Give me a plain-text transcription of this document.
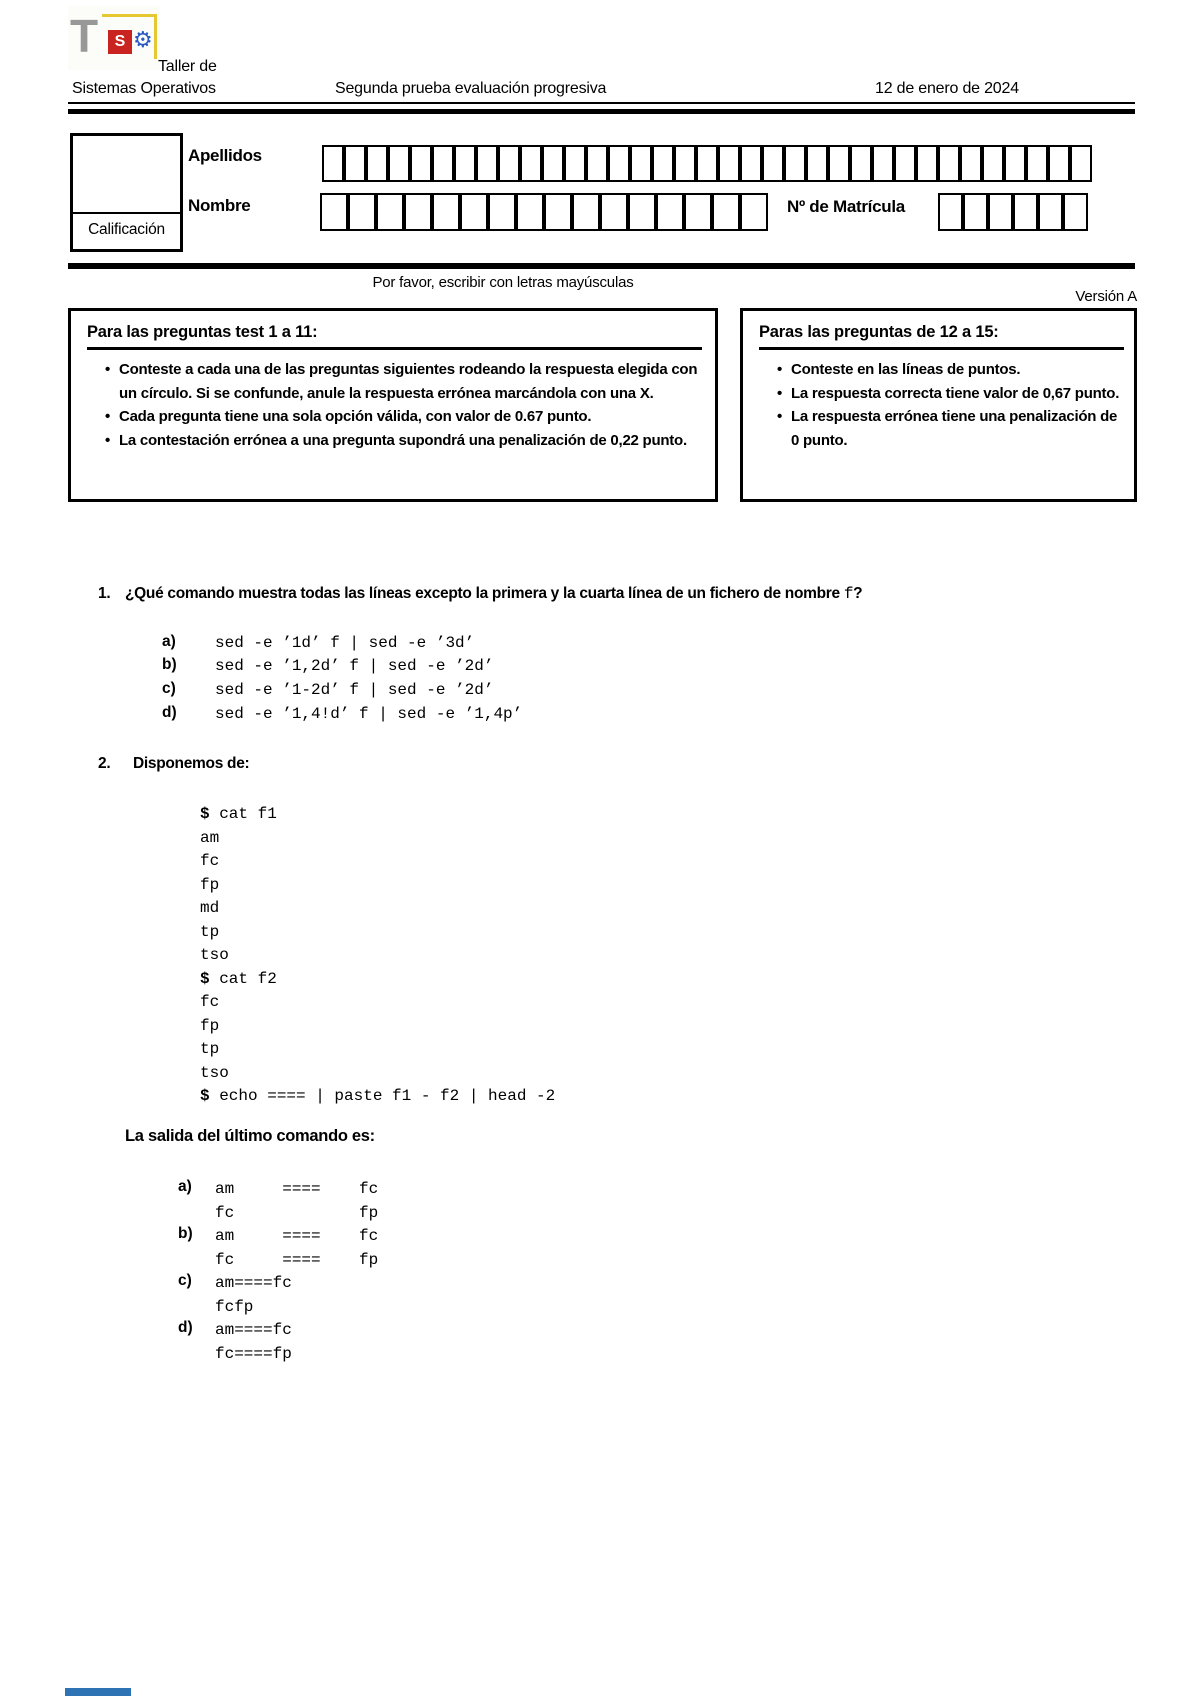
T	S ⚙
Taller de
Sistemas Operativos	Segunda prueba evaluación progresiva	12 de enero de 2024
Calificación
Apellidos
Nombre	Nº de Matrícula
Por favor, escribir con letras mayúsculas
Versión A
Para las preguntas test 1 a 11:
• Conteste a cada una de las preguntas siguientes rodeando la respuesta elegida con un círculo. Si se confunde, anule la respuesta errónea marcándola con una X.
• Cada pregunta tiene una sola opción válida, con valor de 0.67 punto.
• La contestación errónea a una pregunta supondrá una penalización de 0,22 punto.
Paras las preguntas de 12 a 15:
• Conteste en las líneas de puntos.
• La respuesta correcta tiene valor de 0,67 punto.
• La respuesta errónea tiene una penalización de 0 punto.
1. ¿Qué comando muestra todas las líneas excepto la primera y la cuarta línea de un fichero de nombre f?
a)	sed -e ’1d’ f | sed -e ’3d’
b)	sed -e ’1,2d’ f | sed -e ’2d’
c)	sed -e ’1-2d’ f | sed -e ’2d’
d)	sed -e ’1,4!d’ f | sed -e ’1,4p’
2. Disponemos de:
$ cat f1
am
fc
fp
md
tp
tso
$ cat f2
fc
fp
tp
tso
$ echo ==== | paste f1 - f2 | head -2
La salida del último comando es:
a)	am     ====    fc
fc             fp
b)	am     ====    fc
fc     ====    fp
c)	am====fc
fcfp
d)	am====fc
fc====fp
